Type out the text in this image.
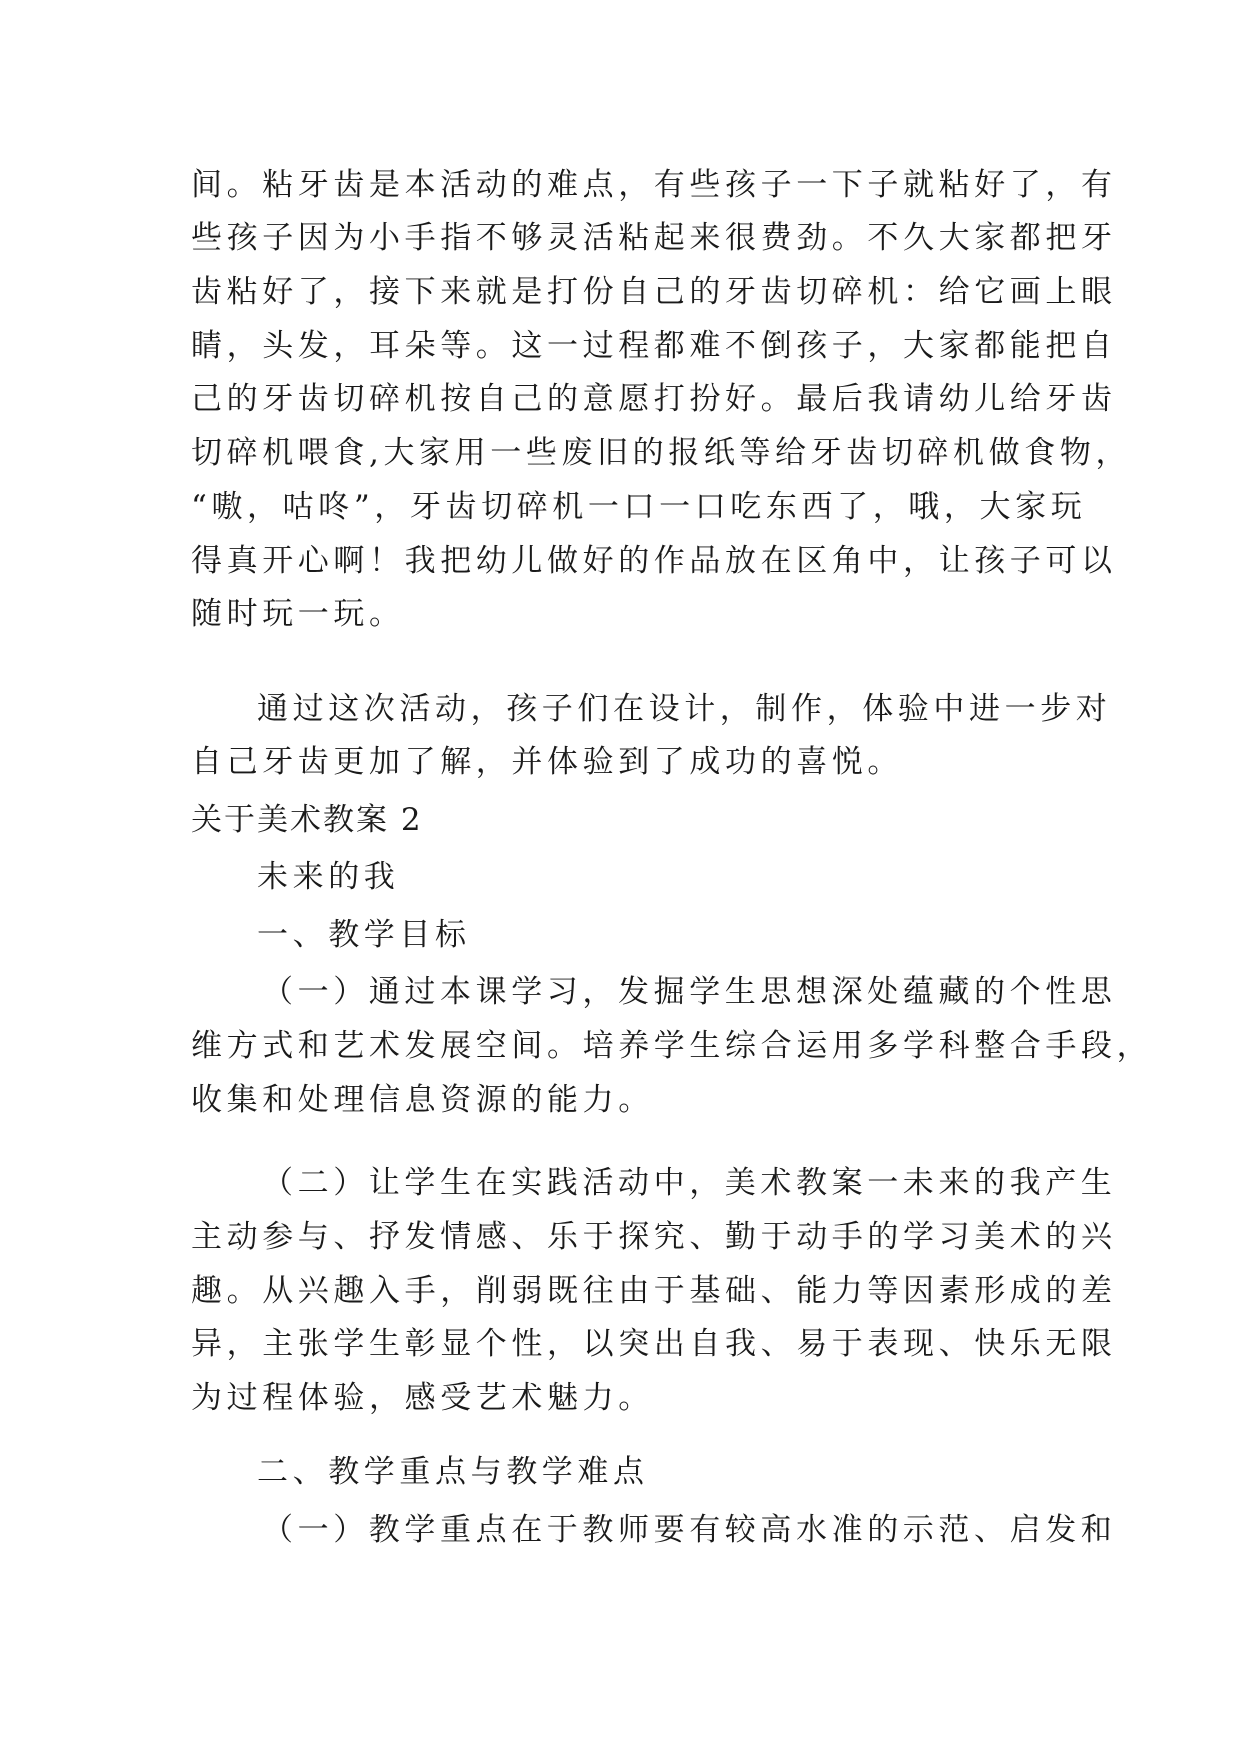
间。粘牙齿是本活动的难点，有些孩子一下子就粘好了，有
些孩子因为小手指不够灵活粘起来很费劲。不久大家都把牙
齿粘好了，接下来就是打份自己的牙齿切碎机：给它画上眼
睛，头发，耳朵等。这一过程都难不倒孩子，大家都能把自
己的牙齿切碎机按自己的意愿打扮好。最后我请幼儿给牙齿
切碎机喂食,大家用一些废旧的报纸等给牙齿切碎机做食物，
“嗷，咕咚”，牙齿切碎机一口一口吃东西了，哦，大家玩
得真开心啊！我把幼儿做好的作品放在区角中，让孩子可以
随时玩一玩。
通过这次活动，孩子们在设计，制作，体验中进一步对
自己牙齿更加了解，并体验到了成功的喜悦。
关于美术教案 2
未来的我
一、教学目标
（一）通过本课学习，发掘学生思想深处蕴藏的个性思
维方式和艺术发展空间。培养学生综合运用多学科整合手段，
收集和处理信息资源的能力。
（二）让学生在实践活动中，美术教案一未来的我产生
主动参与、抒发情感、乐于探究、勤于动手的学习美术的兴
趣。从兴趣入手，削弱既往由于基础、能力等因素形成的差
异，主张学生彰显个性，以突出自我、易于表现、快乐无限
为过程体验，感受艺术魅力。
二、教学重点与教学难点
（一）教学重点在于教师要有较高水准的示范、启发和
